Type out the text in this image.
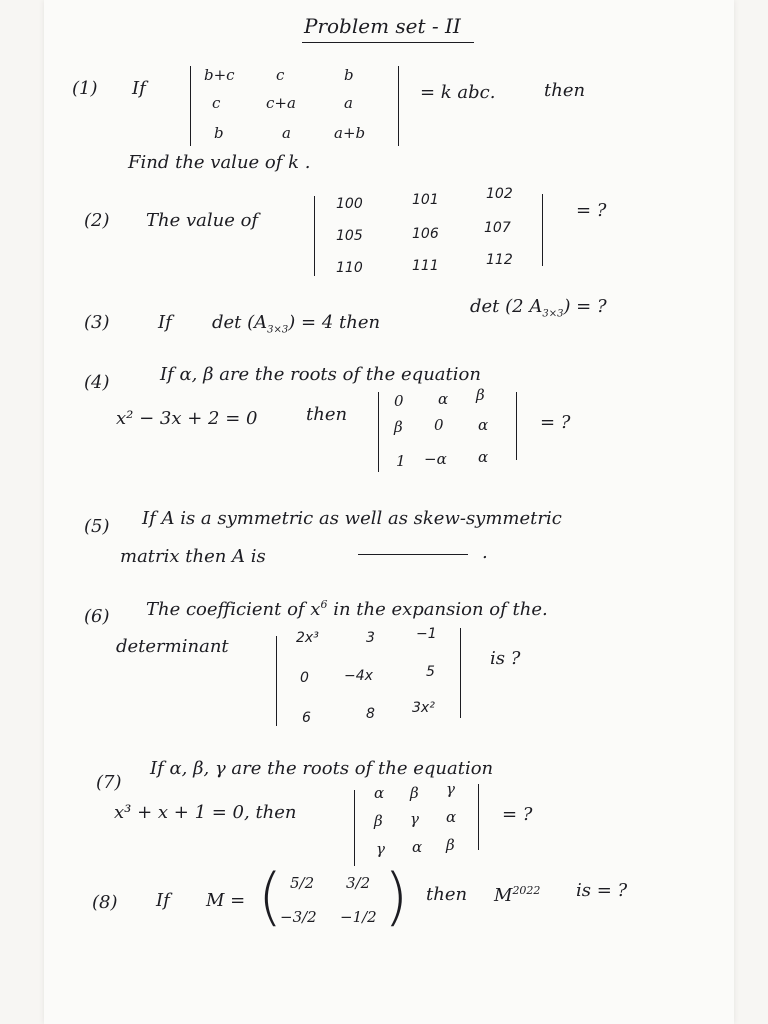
Problem set - II
(1) If
b+c	c	b
c	c+a	a
b	a	a+b
= k abc.	then
Find the value of k .
(2) The value of
100	101	102
105	106	107
110	111	112
= ?
(3)	If $\det (A_{3\times 3}) = 4$ then
det (2 $A_{3\times 3}$) = ?
(4)	If α, β are the roots of the equation
x² − 3x + 2 = 0	then
0 α β
β 0 α
1 −α α
= ?
(5) If A is a symmetric as well as skew-symmetric
matrix then A is	.
(6) The coefficient of $x^6$ in the expansion of the.
determinant	2x³	3	−1
0	−4x	5
6	8	3x²
is ?
(7)
If α, β, γ are the roots of the equation
x³ + x + 1 = 0, then
α β γ
β γ α
γ α β
= ?
(8) If M = ( 5/2 3/2
−3/2 −1/2 ) then $M^{2022}$ is = ?
